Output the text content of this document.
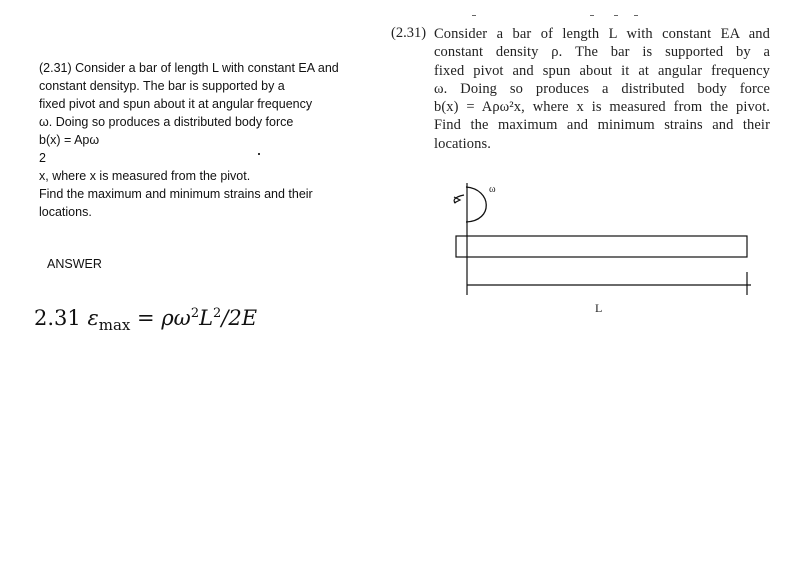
(2.31) Consider a bar of length L with constant EA and
constant densityp. The bar is supported by a
fixed pivot and spun about it at angular frequency
ω. Doing so produces a distributed body force
b(x) = Apω
2
x, where x is measured from the pivot.
Find the maximum and minimum strains and their
locations.
ANSWER
2.31 $\varepsilon_{max} = \rho\omega^2L^2/2E$
(2.31) Consider a bar of length L with constant EA and
constant density ρ. The bar is supported by a
fixed pivot and spun about it at angular frequency
ω. Doing so produces a distributed body force
b(x) = Aρω²x, where x is measured from the pivot.
Find the maximum and minimum strains and their
locations.
ω
L
